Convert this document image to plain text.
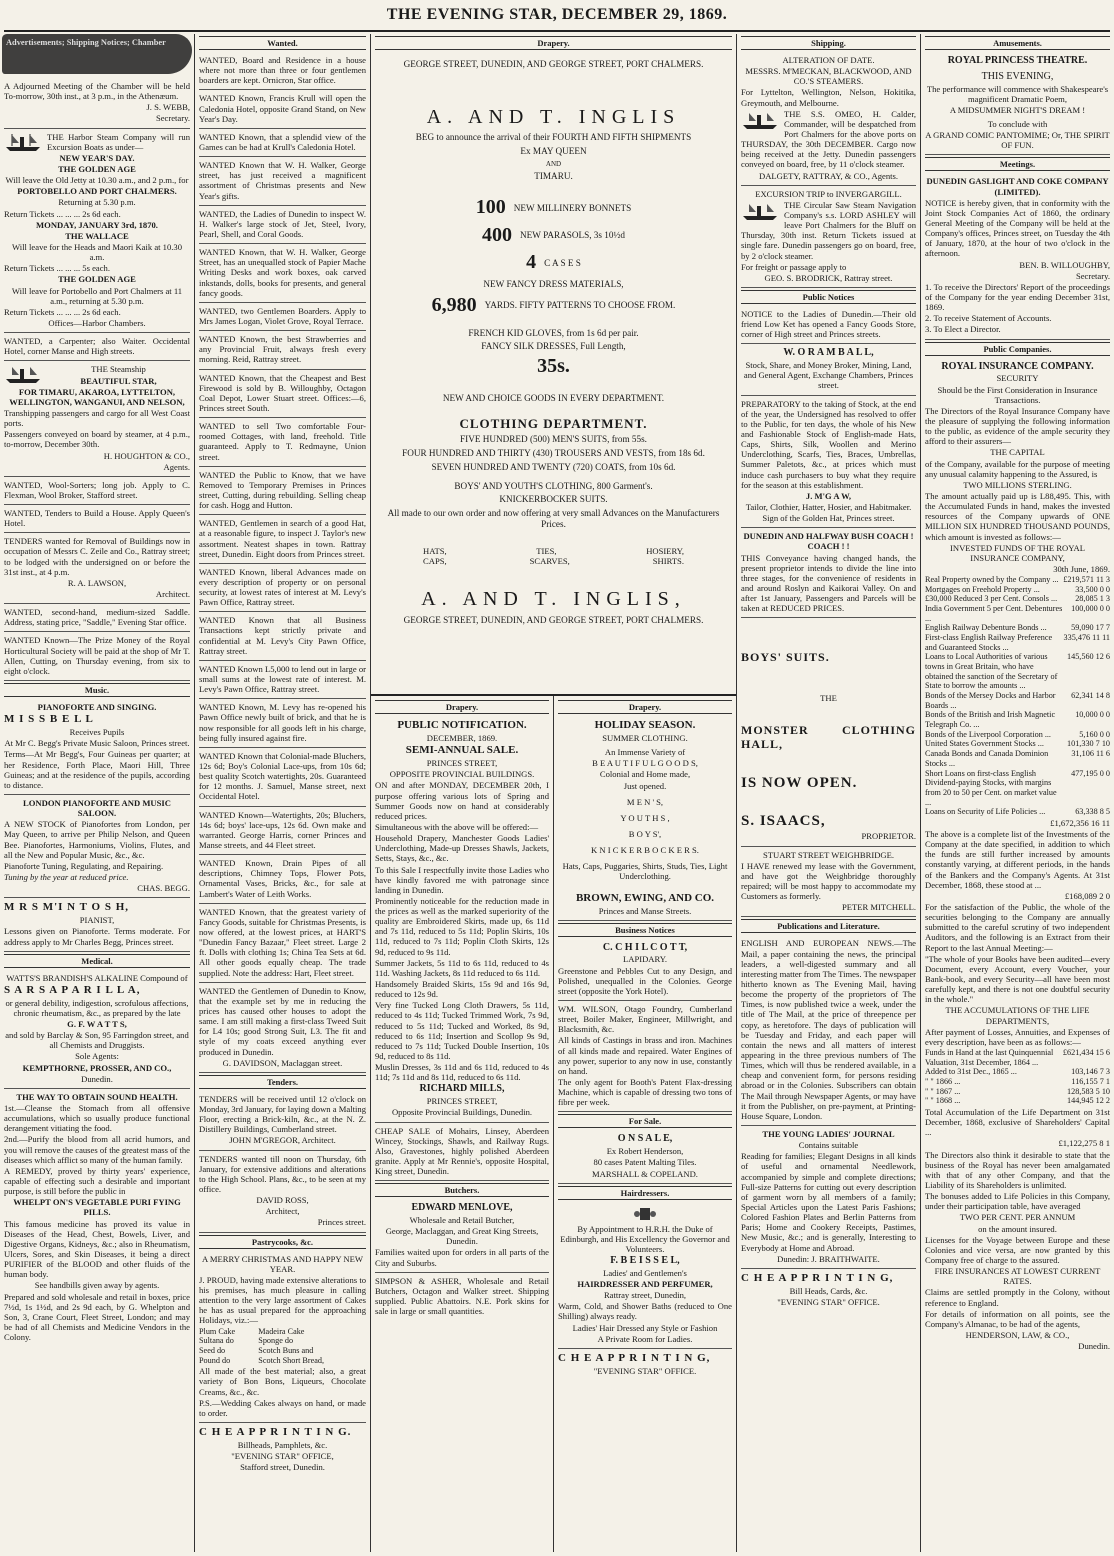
THE EVENING STAR, DECEMBER 29, 1869.

A Adjourned Meeting of the Chamber will be held To-morrow, 30th inst., at 3 p.m., in the Athenæum.

J. S. WEBB,

Secretary.

THE Harbor Steam Company will run Excursion Boats as under—

NEW YEAR'S DAY.

THE GOLDEN AGE

Will leave the Old Jetty at 10.30 a.m., and 2 p.m., for

PORTOBELLO AND PORT CHALMERS.

Returning at 5.30 p.m.

Return Tickets ... ... ... 2s 6d each.

MONDAY, JANUARY 3rd, 1870.

THE WALLACE

Will leave for the Heads and Maori Kaik at 10.30 a.m.

Return Tickets ... ... ... 5s each.

THE GOLDEN AGE

Will leave for Portobello and Port Chalmers at 11 a.m., returning at 5.30 p.m.

Return Tickets ... ... ... 2s 6d each.

Offices—Harbor Chambers.

WANTED, a Carpenter; also Waiter. Occidental Hotel, corner Manse and High streets.

THE Steamship

BEAUTIFUL STAR,

FOR TIMARU, AKAROA, LYTTELTON, WELLINGTON, WANGANUI, AND NELSON,

Transhipping passengers and cargo for all West Coast ports.

Passengers conveyed on board by steamer, at 4 p.m., to-morrow, December 30th.

H. HOUGHTON & CO.,

Agents.

WANTED, Wool-Sorters; long job. Apply to C. Flexman, Wool Broker, Stafford street.

WANTED, Tenders to Build a House. Apply Queen's Hotel.

TENDERS wanted for Removal of Buildings now in occupation of Messrs C. Zeile and Co., Rattray street; to be lodged with the undersigned on or before the 31st inst., at 4 p.m.

R. A. LAWSON,

Architect.

WANTED, second-hand, medium-sized Saddle. Address, stating price, "Saddle," Evening Star office.

WANTED Known—The Prize Money of the Royal Horticultural Society will be paid at the shop of Mr T. Allen, Cutting, on Thursday evening, from six to eight o'clock.

Music.

PIANOFORTE AND SINGING.

M I S S B E L L

Receives Pupils

At Mr C. Begg's Private Music Saloon, Princes street.

Terms—At Mr Begg's, Four Guineas per quarter; at her Residence, Forth Place, Maori Hill, Three Guineas; and at the residence of the pupils, according to distance.

LONDON PIANOFORTE AND MUSIC SALOON.

A NEW STOCK of Pianofortes from London, per May Queen, to arrive per Philip Nelson, and Queen Bee. Pianofortes, Harmoniums, Violins, Flutes, and all the New and Popular Music, &c., &c.

Pianoforte Tuning, Regulating, and Repairing.

Tuning by the year at reduced price.

CHAS. BEGG.

M R S M'I N T O S H,

PIANIST,

Lessons given on Pianoforte. Terms moderate. For address apply to Mr Charles Begg, Princes street.

Medical.

WATTS'S BRANDISH'S ALKALINE Compound of

S A R S A P A R I L L A,

or general debility, indigestion, scrofulous affections, chronic rheumatism, &c., as prepared by the late

G. F. W A T T S,

and sold by Barclay & Son, 95 Farringdon street, and all Chemists and Druggists.

Sole Agents:

KEMPTHORNE, PROSSER, AND CO.,

Dunedin.

THE WAY TO OBTAIN SOUND HEALTH.

1st.—Cleanse the Stomach from all offensive accumulations, which so usually produce functional derangement vitiating the food.

2nd.—Purify the blood from all acrid humors, and you will remove the causes of the greatest mass of the diseases which afflict so many of the human family.

A REMEDY, proved by thirty years' experience, capable of effecting such a desirable and important purpose, is still before the public in

WHELPT ON'S VEGETABLE PURI FYING PILLS.

This famous medicine has proved its value in Diseases of the Head, Chest, Bowels, Liver, and Digestive Organs, Kidneys, &c.; also in Rheumatism, Ulcers, Sores, and Skin Diseases, it being a direct PURIFIER of the BLOOD and other fluids of the human body.

See handbills given away by agents.

Prepared and sold wholesale and retail in boxes, price 7½d, 1s 1½d, and 2s 9d each, by G. Whelpton and Son, 3, Crane Court, Fleet Street, London; and may be had of all Chemists and Medicine Vendors in the Colony.

Advertisements; Shipping Notices; Chamber	Wanted.

WANTED, Board and Residence in a house where not more than three or four gentlemen boarders are kept. Ornicron, Star office.

WANTED Known, Francis Krull will open the Caledonia Hotel, opposite Grand Stand, on New Year's Day.

WANTED Known, that a splendid view of the Games can be had at Krull's Caledonia Hotel.

WANTED Known that W. H. Walker, George street, has just received a magnificent assortment of Christmas presents and New Year's gifts.

WANTED, the Ladies of Dunedin to inspect W. H. Walker's large stock of Jet, Steel, Ivory, Pearl, Shell, and Coral Goods.

WANTED Known, that W. H. Walker, George Street, has an unequalled stock of Papier Mache Writing Desks and work boxes, oak carved inkstands, dolls, books for presents, and general fancy goods.

WANTED, two Gentlemen Boarders. Apply to Mrs James Logan, Violet Grove, Royal Terrace.

WANTED Known, the best Strawberries and any Provincial Fruit, always fresh every morning. Reid, Rattray street.

WANTED Known, that the Cheapest and Best Firewood is sold by B. Willoughby, Octagon Coal Depot, Lower Stuart street. Offices:—6, Princes street South.

WANTED to sell Two comfortable Four-roomed Cottages, with land, freehold. Title guaranteed. Apply to T. Redmayne, Union street.

WANTED the Public to Know, that we have Removed to Temporary Premises in Princes street, Cutting, during rebuilding. Selling cheap for cash. Hogg and Hutton.

WANTED, Gentlemen in search of a good Hat, at a reasonable figure, to inspect J. Taylor's new assortment. Neatest shapes in town. Rattray street, Dunedin. Eight doors from Princes street.

WANTED Known, liberal Advances made on every description of property or on personal security, at lowest rates of interest at M. Levy's Pawn Office, Rattray street.

WANTED Known that all Business Transactions kept strictly private and confidential at M. Levy's City Pawn Office, Rattray street.

WANTED Known L5,000 to lend out in large or small sums at the lowest rate of interest. M. Levy's Pawn Office, Rattray street.

WANTED Known, M. Levy has re-opened his Pawn Office newly built of brick, and that he is now responsible for all goods left in his charge, being fully insured against fire.

WANTED Known that Colonial-made Bluchers, 12s 6d; Boy's Colonial Lace-ups, from 10s 6d; best quality Scotch watertights, 20s. Guaranteed for 12 months. J. Samuel, Manse street, next Occidental Hotel.

WANTED Known—Watertights, 20s; Bluchers, 14s 6d; boys' lace-ups, 12s 6d. Own make and warranted. George Harris, corner Princes and Manse streets, and 44 Fleet street.

WANTED Known, Drain Pipes of all descriptions, Chimney Tops, Flower Pots, Ornamental Vases, Bricks, &c., for sale at Lambert's Water of Leith Works.

WANTED Known, that the greatest variety of Fancy Goods, suitable for Christmas Presents, is now offered, at the lowest prices, at HART'S "Dunedin Fancy Bazaar," Fleet street. Large 2 ft. Dolls with clothing 1s; China Tea Sets at 6d. All other goods equally cheap. The trade supplied. Note the address: Hart, Fleet street.

WANTED the Gentlemen of Dunedin to Know, that the example set by me in reducing the prices has caused other houses to adopt the same. I am still making a first-class Tweed Suit for L4 10s; good Strong Suit, L3. The fit and style of my coats exceed anything ever produced in Dunedin.

G. DAVIDSON, Maclaggan street.

Tenders.

TENDERS will be received until 12 o'clock on Monday, 3rd January, for laying down a Malting Floor, erecting a Brick-kiln, &c., at the N. Z. Distillery Buildings, Cumberland street.

JOHN M'GREGOR, Architect.

TENDERS wanted till noon on Thursday, 6th January, for extensive additions and alterations to the High School. Plans, &c., to be seen at my office.

DAVID ROSS,

Architect,

Princes street.

Pastrycooks, &c.

A MERRY CHRISTMAS AND HAPPY NEW YEAR.

J. PROUD, having made extensive alterations to his premises, has much pleasure in calling attention to the very large assortment of Cakes he has as usual prepared for the approaching Holidays, viz.:—

Plum Cake	Madeira Cake
Sultana do	Sponge do
Seed do	Scotch Buns and
Pound do	Scotch Short Bread,

All made of the best material; also, a great variety of Bon Bons, Liqueurs, Chocolate Creams, &c., &c.

P.S.—Wedding Cakes always on hand, or made to order.

C H E A P P R I N T I N G.

Billheads, Pamphlets, &c.

"EVENING STAR" OFFICE,

Stafford street, Dunedin.

Drapery.

GEORGE STREET, DUNEDIN, AND GEORGE STREET, PORT CHALMERS.

A. AND T. INGLIS

BEG to announce the arrival of their FOURTH AND FIFTH SHIPMENTS

Ex MAY QUEEN

AND

TIMARU.

100 NEW MILLINERY BONNETS
400 NEW PARASOLS, 3s 10½d
4 C A S E S

NEW FANCY DRESS MATERIALS,

6,980 YARDS. FIFTY PATTERNS TO CHOOSE FROM.

FRENCH KID GLOVES, from 1s 6d per pair.

FANCY SILK DRESSES, Full Length,

35s.

NEW AND CHOICE GOODS IN EVERY DEPARTMENT.

CLOTHING DEPARTMENT.

FIVE HUNDRED (500) MEN'S SUITS, from 55s.

FOUR HUNDRED AND THIRTY (430) TROUSERS AND VESTS, from 18s 6d.

SEVEN HUNDRED AND TWENTY (720) COATS, from 10s 6d.

BOYS' AND YOUTH'S CLOTHING, 800 Garment's.

KNICKERBOCKER SUITS.

All made to our own order and now offering at very small Advances on the Manufacturers Prices.

HATS,	TIES,	HOSIERY,
CAPS,	SCARVES,	SHIRTS.

A. AND T. INGLIS,

GEORGE STREET, DUNEDIN, AND GEORGE STREET, PORT CHALMERS.

Drapery.

PUBLIC NOTIFICATION.

DECEMBER, 1869.

SEMI-ANNUAL SALE.

PRINCES STREET,

OPPOSITE PROVINCIAL BUILDINGS.

ON and after MONDAY, DECEMBER 20th, I purpose offering various lots of Spring and Summer Goods now on hand at considerably reduced prices.

Simultaneous with the above will be offered:—

Household Drapery, Manchester Goods Ladies' Underclothing, Made-up Dresses Shawls, Jackets, Setts, Stays, &c., &c.

To this Sale I respectfully invite those Ladies who have kindly favored me with patronage since landing in Dunedin.

Prominently noticeable for the reduction made in the prices as well as the marked superiority of the quality are Embroidered Skirts, made up, 6s 11d and 7s 11d, reduced to 5s 11d; Poplin Skirts, 10s 11d, reduced to 7s 11d; Poplin Cloth Skirts, 12s 9d, reduced to 9s 11d.

Summer Jackets, 5s 11d to 6s 11d, reduced to 4s 11d. Washing Jackets, 8s 11d reduced to 6s 11d.

Handsomely Braided Skirts, 15s 9d and 16s 9d, reduced to 12s 9d.

Very fine Tucked Long Cloth Drawers, 5s 11d, reduced to 4s 11d; Tucked Trimmed Work, 7s 9d, reduced to 5s 11d; Tucked and Worked, 8s 9d, reduced to 6s 11d; Insertion and Scollop 9s 9d, reduced to 7s 11d; Tucked Double Insertion, 10s 9d, reduced to 8s 11d.

Muslin Dresses, 3s 11d and 6s 11d, reduced to 4s 11d; 7s 11d and 8s 11d, reduced to 6s 11d.

RICHARD MILLS,

PRINCES STREET,

Opposite Provincial Buildings, Dunedin.

CHEAP SALE of Mohairs, Linsey, Aberdeen Wincey, Stockings, Shawls, and Railway Rugs. Also, Gravestones, highly polished Aberdeen granite. Apply at Mr Rennie's, opposite Hospital, King street, Dunedin.

Butchers.

EDWARD MENLOVE,

Wholesale and Retail Butcher,

George, Maclaggan, and Great King Streets, Dunedin.

Families waited upon for orders in all parts of the City and Suburbs.

SIMPSON & ASHER, Wholesale and Retail Butchers, Octagon and Walker street. Shipping supplied. Public Abattoirs. N.E. Pork skins for sale in large or small quantities.

Drapery.

HOLIDAY SEASON.

SUMMER CLOTHING.

An Immense Variety of

B E A U T I F U L G O O D S,

Colonial and Home made,

Just opened.

M E N ' S,

Y O U T H S ,

B O Y S',

K N I C K E R B O C K E R S.

Hats, Caps, Puggaries, Shirts, Studs, Ties, Light Underclothing.

BROWN, EWING, AND CO.

Princes and Manse Streets.

Business Notices

C. C H I L C O T T,

LAPIDARY.

Greenstone and Pebbles Cut to any Design, and Polished, unequalled in the Colonies. George street (opposite the York Hotel).

WM. WILSON, Otago Foundry, Cumberland street, Boiler Maker, Engineer, Millwright, and Blacksmith, &c.

All kinds of Castings in brass and iron. Machines of all kinds made and repaired. Water Engines of any power, superior to any now in use, constantly on hand.

The only agent for Booth's Patent Flax-dressing Machine, which is capable of dressing two tons of fibre per week.

For Sale.

O N S A L E,

Ex Robert Henderson,

80 cases Patent Malting Tiles.

MARSHALL & COPELAND.

Hairdressers.

By Appointment to H.R.H. the Duke of Edinburgh, and His Excellency the Governor and Volunteers.

F. B E I S S E L,

Ladies' and Gentlemen's

HAIRDRESSER AND PERFUMER,

Rattray street, Dunedin,

Warm, Cold, and Shower Baths (reduced to One Shilling) always ready.

Ladies' Hair Dressed any Style or Fashion

A Private Room for Ladies.

C H E A P P R I N T I N G,

"EVENING STAR" OFFICE.

Shipping.

ALTERATION OF DATE.

MESSRS. M'MECKAN, BLACKWOOD, AND CO.'S STEAMERS.

For Lyttelton, Wellington, Nelson, Hokitika, Greymouth, and Melbourne.

THE S.S. OMEO, H. Calder, Commander, will be despatched from Port Chalmers for the above ports on THURSDAY, the 30th DECEMBER. Cargo now being received at the Jetty. Dunedin passengers conveyed on board, free, by 11 o'clock steamer.

DALGETY, RATTRAY, & CO., Agents.

EXCURSION TRIP to INVERGARGILL.

THE Circular Saw Steam Navigation Company's s.s. LORD ASHLEY will leave Port Chalmers for the Bluff on Thursday, 30th inst. Return Tickets issued at single fare. Dunedin passengers go on board, free, by 2 o'clock steamer.

For freight or passage apply to

GEO. S. BRODRICK, Rattray street.

Public Notices

NOTICE to the Ladies of Dunedin.—Their old friend Low Ket has opened a Fancy Goods Store, corner of High street and Princes streets.

W. O R A M B A L L,

Stock, Share, and Money Broker, Mining, Land, and General Agent, Exchange Chambers, Princes street.

PREPARATORY to the taking of Stock, at the end of the year, the Undersigned has resolved to offer to the Public, for ten days, the whole of his New and Fashionable Stock of English-made Hats, Caps, Shirts, Silk, Woollen and Merino Underclothing, Scarfs, Ties, Braces, Umbrellas, Summer Paletots, &c., at prices which must induce cash purchasers to buy what they require for the season at this establishment.

J. M'G A W,

Tailor, Clothier, Hatter, Hosier, and Habitmaker.

Sign of the Golden Hat, Princes street.

DUNEDIN AND HALFWAY BUSH COACH ! COACH ! !

THIS Conveyance having changed hands, the present proprietor intends to divide the line into three stages, for the convenience of residents in and around Roslyn and Kaikorai Valley. On and after 1st January, Passengers and Parcels will be taken at REDUCED PRICES.

BOYS' SUITS.

THE

MONSTER CLOTHING HALL,

IS NOW OPEN.

S. ISAACS,

PROPRIETOR.

STUART STREET WEIGHBRIDGE.

I HAVE renewed my lease with the Government, and have got the Weighbridge thoroughly repaired; will be most happy to accommodate my Customers as formerly.

PETER MITCHELL.

Publications and Literature.

ENGLISH AND EUROPEAN NEWS.—The Mail, a paper containing the news, the principal leaders, a well-digested summary and all interesting matter from The Times. The newspaper hitherto known as The Evening Mail, having become the property of the proprietors of The Times, is now published twice a week, under the title of The Mail, at the price of threepence per copy, as heretofore. The days of publication will be Tuesday and Friday, and each paper will contain the news and all matters of interest appearing in the three previous numbers of The Times, which will thus be rendered available, in a cheap and convenient form, for persons residing abroad or in the Colonies. Subscribers can obtain The Mail through Newspaper Agents, or may have it from the Publisher, on pre-payment, at Printing-House Square, London.

THE YOUNG LADIES' JOURNAL

Contains suitable

Reading for families; Elegant Designs in all kinds of useful and ornamental Needlework, accompanied by simple and complete directions; Full-size Patterns for cutting out every description of garment worn by all members of a family; Special Articles upon the Latest Paris Fashions; Colored Fashion Plates and Berlin Patterns from Paris; Home and Cookery Receipts, Pastimes, New Music, &c.; and is generally, Interesting to Everybody at Home and Abroad.

Dunedin: J. BRAITHWAITE.

C H E A P P R I N T I N G,

Bill Heads, Cards, &c.

"EVENING STAR" OFFICE.

Amusements.

ROYAL PRINCESS THEATRE.

THIS EVENING,

The performance will commence with Shakespeare's magnificent Dramatic Poem,

A MIDSUMMER NIGHT'S DREAM !

To conclude with

A GRAND COMIC PANTOMIME; Or, THE SPIRIT OF FUN.

Meetings.

DUNEDIN GASLIGHT AND COKE COMPANY (LIMITED).

NOTICE is hereby given, that in conformity with the Joint Stock Companies Act of 1860, the ordinary General Meeting of the Company will be held at the Company's offices, Princes street, on Tuesday the 4th of January, 1870, at the hour of two o'clock in the afternoon.

BEN. B. WILLOUGHBY,

Secretary.

1. To receive the Directors' Report of the proceedings of the Company for the year ending December 31st, 1869.

2. To receive Statement of Accounts.

3. To Elect a Director.

Public Companies.

ROYAL INSURANCE COMPANY.

SECURITY

Should be the First Consideration in Insurance Transactions.

The Directors of the Royal Insurance Company have the pleasure of supplying the following information to the public, as evidence of the ample security they afford to their assurers—

THE CAPITAL

of the Company, available for the purpose of meeting any unusual calamity happening to the Assured, is

TWO MILLIONS STERLING.

The amount actually paid up is L88,495. This, with the Accumulated Funds in hand, makes the invested resources of the Company upwards of ONE MILLION SIX HUNDRED THOUSAND POUNDS, which amount is invested as follows:—

INVESTED FUNDS OF THE ROYAL INSURANCE COMPANY,

30th June, 1869.

Real Property owned by the Company ...	£219,571 11 3
Mortgages on Freehold Property ...	33,500 0 0
£30,000 Reduced 3 per Cent. Consols ...	28,085 1 3
India Government 5 per Cent. Debentures ...	100,000 0 0
English Railway Debenture Bonds ...	59,090 17 7
First-class English Railway Preference and Guaranteed Stocks ...	335,476 11 11
Loans to Local Authorities of various towns in Great Britain, who have obtained the sanction of the Secretary of State to borrow the amounts ...	145,560 12 6
Bonds of the Mersey Docks and Harbor Boards ...	62,341 14 8
Bonds of the British and Irish Magnetic Telegraph Co. ...	10,000 0 0
Bonds of the Liverpool Corporation ...	5,160 0 0
United States Government Stocks ...	101,330 7 10
Canada Bonds and Canada Dominion Stocks ...	31,106 11 6
Short Loans on first-class English Dividend-paying Stocks, with margins from 20 to 50 per Cent. on market value ...	477,195 0 0
Loans on Security of Life Policies ...	63,338 8 5

£1,672,356 16 11

The above is a complete list of the Investments of the Company at the date specified, in addition to which the funds are still further increased by amounts constantly varying, at different periods, in the hands of the Bankers and the Company's Agents. At 31st December, 1868, these stood at ...

£168,089 2 0

For the satisfaction of the Public, the whole of the securities belonging to the Company are annually submitted to the careful scrutiny of two independent Auditors, and the following is an Extract from their Report to the last Annual Meeting:—

"The whole of your Books have been audited—every Document, every Account, every Voucher, your Bank-book, and every Security—all have been most carefully kept, and there is not one doubtful security in the whole."

THE ACCUMULATIONS OF THE LIFE DEPARTMENTS,

After payment of Losses, Annuities, and Expenses of every description, have been as as follows:—

Funds in Hand at the last Quinquennial Valuation, 31st December, 1864 ...	£621,434 15 6
Added to 31st Dec., 1865 ...	103,146 7 3
" " 1866 ...	116,155 7 1
" " 1867 ...	128,583 5 10
" " 1868 ...	144,945 12 2

Total Accumulation of the Life Department on 31st December, 1868, exclusive of Shareholders' Capital ...

£1,122,275 8 1

The Directors also think it desirable to state that the business of the Royal has never been amalgamated with that of any other Company, and that the Liability of its Shareholders is unlimited.

The bonuses added to Life Policies in this Company, under their participation table, have averaged

TWO PER CENT. PER ANNUM

on the amount insured.

Licenses for the Voyage between Europe and these Colonies and vice versa, are now granted by this Company free of charge to the assured.

FIRE INSURANCES AT LOWEST CURRENT RATES.

Claims are settled promptly in the Colony, without reference to England.

For details of information on all points, see the Company's Almanac, to be had of the agents,

HENDERSON, LAW, & CO.,

Dunedin.
